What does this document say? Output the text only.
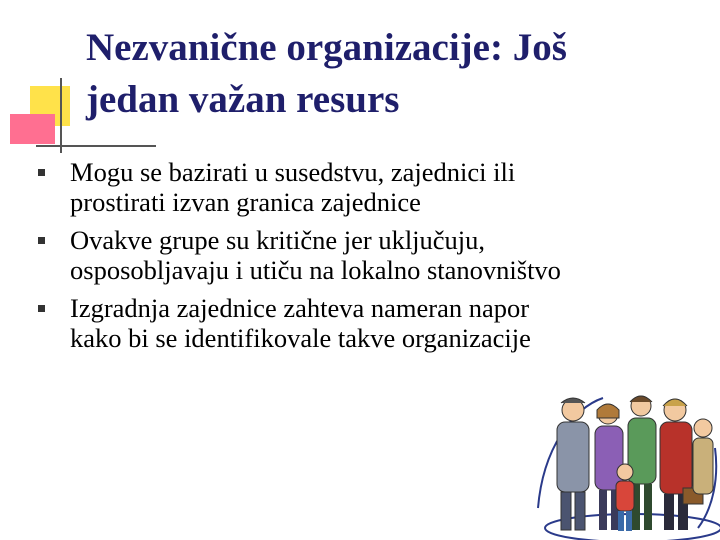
Nezvanične organizacije: Još
jedan važan resurs
Mogu se bazirati u susedstvu, zajednici ili prostirati izvan granica zajednice
Ovakve grupe su kritične jer uključuju, osposobljavaju i utiču na lokalno stanovništvo
Izgradnja zajednice zahteva nameran napor kako bi se identifikovale takve organizacije
